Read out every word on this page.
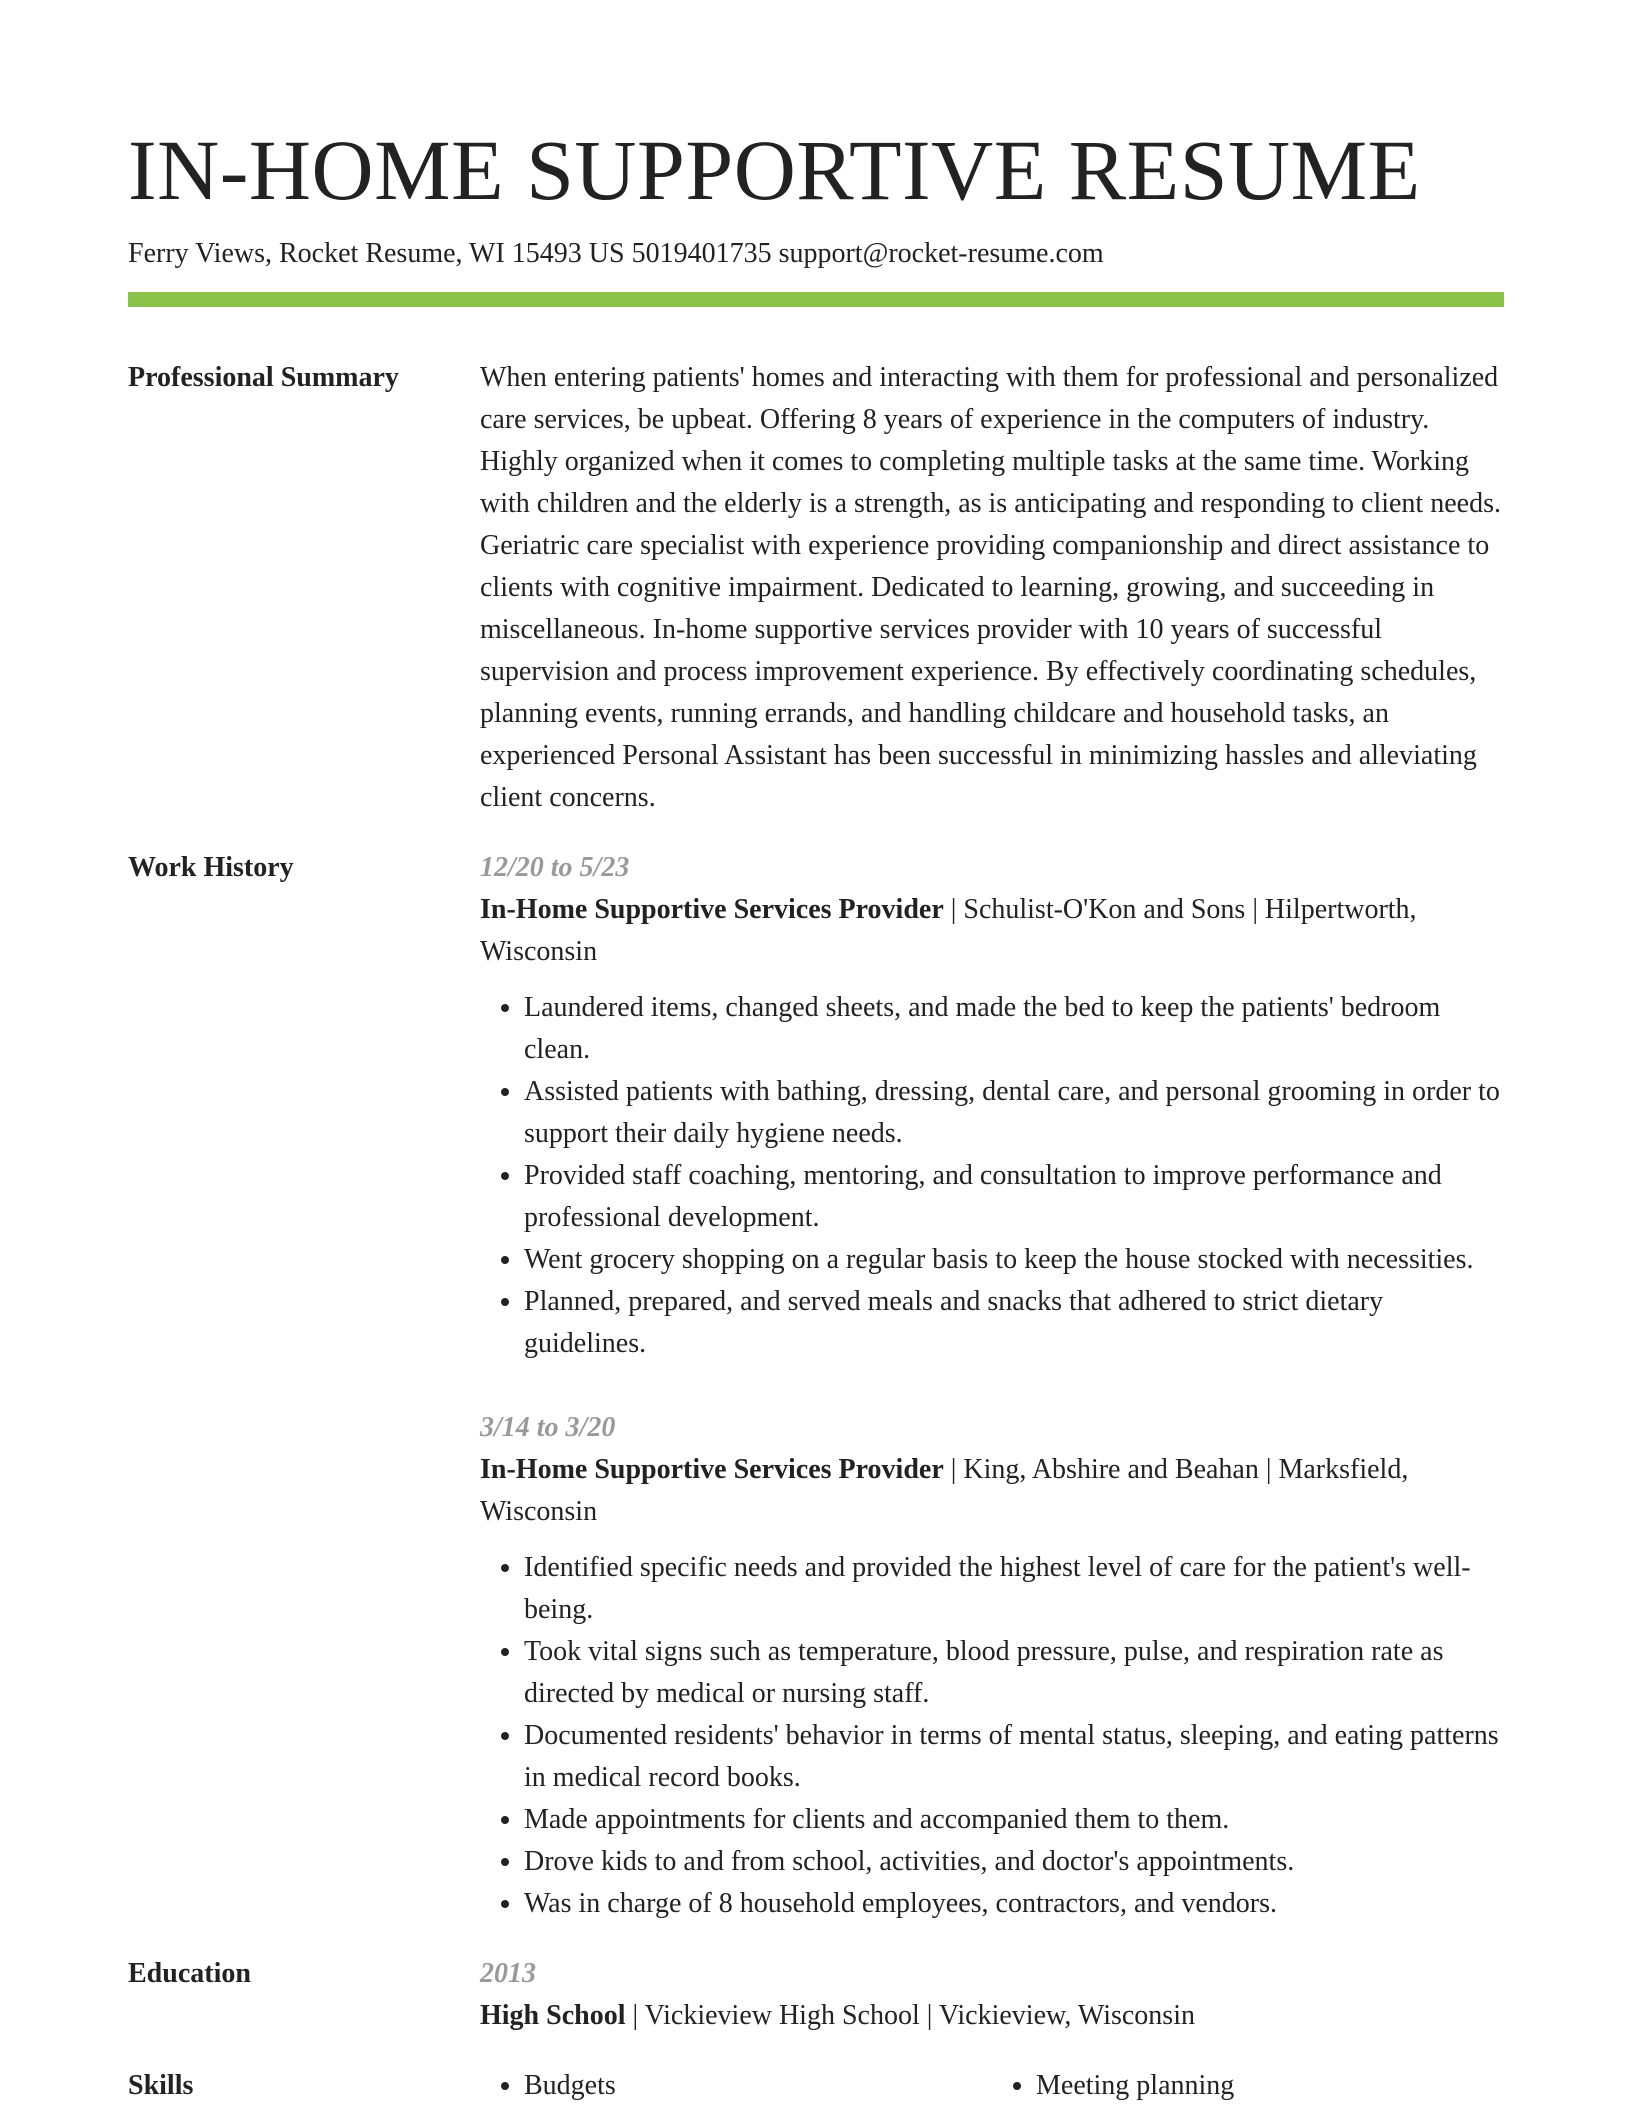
IN-HOME SUPPORTIVE RESUME
Ferry Views, Rocket Resume, WI 15493 US 5019401735 support@rocket-resume.com
Professional Summary	When entering patients' homes and interacting with them for professional and personalized care services, be upbeat. Offering 8 years of experience in the computers of industry. Highly organized when it comes to completing multiple tasks at the same time. Working with children and the elderly is a strength, as is anticipating and responding to client needs. Geriatric care specialist with experience providing companionship and direct assistance to clients with cognitive impairment. Dedicated to learning, growing, and succeeding in miscellaneous. In-home supportive services provider with 10 years of successful supervision and process improvement experience. By effectively coordinating schedules, planning events, running errands, and handling childcare and household tasks, an experienced Personal Assistant has been successful in minimizing hassles and alleviating client concerns.

Work History	12/20 to 5/23
In-Home Supportive Services Provider | Schulist-O'Kon and Sons | Hilpertworth, Wisconsin
• Laundered items, changed sheets, and made the bed to keep the patients' bedroom clean.
• Assisted patients with bathing, dressing, dental care, and personal grooming in order to support their daily hygiene needs.
• Provided staff coaching, mentoring, and consultation to improve performance and professional development.
• Went grocery shopping on a regular basis to keep the house stocked with necessities.
• Planned, prepared, and served meals and snacks that adhered to strict dietary guidelines.
3/14 to 3/20
In-Home Supportive Services Provider | King, Abshire and Beahan | Marksfield, Wisconsin
• Identified specific needs and provided the highest level of care for the patient's well-being.
• Took vital signs such as temperature, blood pressure, pulse, and respiration rate as directed by medical or nursing staff.
• Documented residents' behavior in terms of mental status, sleeping, and eating patterns in medical record books.
• Made appointments for clients and accompanied them to them.
• Drove kids to and from school, activities, and doctor's appointments.
• Was in charge of 8 household employees, contractors, and vendors.
Education	2013
High School | Vickieview High School | Vickieview, Wisconsin
Skills	• Budgets	• Meeting planning
